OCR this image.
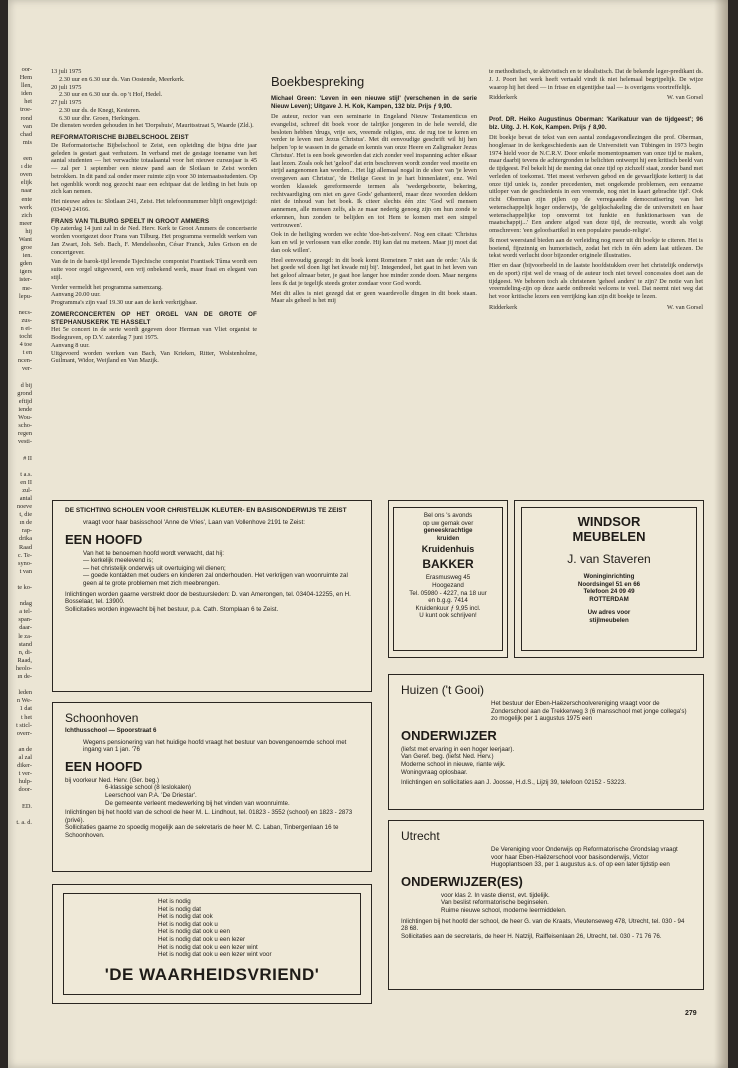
oor-
Hem
llen,
iden
het
troe-
rond
van
chad
mis

een
ı die
oven
elijk
naar
ente
werk
zich
meer
hij
Want
groe
ien.
gden
igers
ister-
me-
lepu-

necs-
zus-
n ei-
tocht
4 toe
t en
ncen-
ver-

d bij
grond
eftijd
iende
Wou-
scho-
regen
vesti-

# II

t a.s.
en II
zul-
antal
noeve
t, die
ın de
rap-
drika
Raad
c. Te-
syno-
t van

te ko-

ndag
a tel-
span-
daar-
le za-
stand
n, di-
Raad,
heolo-
ın de-

leden
n We-
1 dat
t het
t sticl-
overr-

an de
al zal
diker-
t ver-
hulp-
door-

ED.

t. a. d.
13 juli 1975
2.30 uur en 6.30 uur ds. Van Oostende, Meerkerk.
20 juli 1975
2.30 uur en 6.30 uur ds. op 't Hof, Hedel.
27 juli 1975
2.30 uur ds. de Knegt, Kesteren.
6.30 uur dhr. Groen, Herkingen.
De diensten worden gehouden in het 'Dorpshuis', Mauritsstraat 5, Waarde (Zld.).
REFORMATORISCHE BIJBELSCHOOL ZEIST

De Reformatorische Bijbelschool te Zeist, een opleiding die bijna drie jaar geleden is gestart gaat verhuizen. In verband met de gestage toename van het aantal studenten — het verwachte totaalaantal voor het nieuwe cursusjaar is 45 — zal per 1 september een nieuw pand aan de Slotlaan te Zeist worden betrokken. In dit pand zal onder meer ruimte zijn voor 30 internaatsstudenten. Op het ogenblik wordt nog gezocht naar een echtpaar dat de leiding in het huis op zich kan nemen.

Het nieuwe adres is: Slotlaan 241, Zeist. Het telefoonnummer blijft ongewijzigd: (03404) 24166.

FRANS VAN TILBURG SPEELT IN GROOT AMMERS

Op zaterdag 14 juni zal in de Ned. Herv. Kerk te Groot Ammers de concertserie worden voortgezet door Frans van Tilburg. Het programma vermeldt werken van Jan Zwart, Joh. Seb. Bach, F. Mendelssohn, César Franck, Jules Grison en de concertgever.

Van de in de barok-tijd levende Tsjechische componist Frantisek Tůma wordt een suite voor orgel uitgevoerd, een vrij onbekend werk, maar fraai en elegant van stijl.

Verder vermeldt het programma samenzang.
Aanvang 20.00 uur.

Programma's zijn vaaf 19.30 uur aan de kerk verkrijgbaar.

ZOMERCONCERTEN OP HET ORGEL VAN DE GROTE OF STEPHANUSKERK TE HASSELT
Het 5e concert in de serie wordt gegeven door Herman van Vliet organist te Bodegraven, op D.V. zaterdag 7 juni 1975.
Aanvang 8 uur.
Uitgevoerd worden werken van Bach, Van Krieken, Ritter, Wolstenholme, Guilmant, Widor, Weijland en Van Mazijk.
Boekbespreking
Michael Green: 'Leven in een nieuwe stijl' (verschenen in de serie Nieuw Leven); Uitgave J. H. Kok, Kampen, 132 blz. Prijs ƒ 9,90.

De auteur, rector van een seminarie in Engeland Nieuw Testamenticus en evangelist, schreef dit boek voor de talrijke jongeren in de hele wereld, die besloten hebben 'drugs, vrije sex, vreemde religies, enz. de rug toe te keren en verder te leven met Jezus Christus'. Met dit eenvoudige geschrift wil hij hen helpen 'op te wassen in de genade en kennis van onze Heere en Zaligmaker Jezus Christus'. Het is een boek geworden dat zich zonder veel inspanning achter elkaar laat lezen. Zoals ook het 'geloof' dat erin beschreven wordt zonder veel moeite en strijd aangenomen kan worden... Het ligt allemaal nogal in de sfeer van 'je leven overgeven aan Christus', 'de Heilige Geest in je hart binnenlaten', enz. Wel worden klassiek gereformeerde termen als 'wedergeboorte, bekering, rechtvaardiging om niet en gave Gods' gehanteerd, maar deze woorden dekken niet de inhoud van het boek. Ik citeer slechts één zin: 'God wil mensen aannemen, alle mensen zelfs, als ze maar nederig genoeg zijn om hun zonde te erkennen, hun zonden te belijden en tot Hem te komen met een simpel vertrouwen'.

Ook in de heiliging worden we echte 'doe-het-zelvers'. Nog een citaat: 'Christus kan en wil je verlossen van elke zonde. Hij kan dat nu meteen. Maar jij moet dat dan ook willen'.

Heel eenvoudig gezegd: in dit boek komt Romeinen 7 niet aan de orde: 'Als ik het goede wil doen ligt het kwade mij bij'. Integendeel, het gaat in het leven van het geloof almaar beter, je gaat hoe langer hoe minder zonde doen. Maar nergens lees ik dat je tegelijk steeds groter zondaar voor God wordt.

Met dit alles is niet gezegd dat er geen waardevolle dingen in dit boek staan. Maar als geheel is het mij

te methodistisch, te aktivistisch en te idealistisch. Dat de bekende leger-predikant ds. J. J. Poort het werk heeft vertaald vindt ik niet helemaal begrijpelijk. De wijze waarop hij het deed — in frisse en eigentijdse taal — is overigens voortreffelijk.

Ridderkerk	W. van Gorsel
Prof. DR. Heiko Augustinus Oberman: 'Karikatuur van de tijdgeest'; 96 blz. Uitg. J. H. Kok, Kampen. Prijs ƒ 8,90.

Dit boekje bevat de tekst van een aantal zondagavondlezingen die prof. Oberman, hoogleraar in de kerkgeschiedenis aan de Universiteit van Tübingen in 1973 begin 1974 hield voor de N.C.R.V. Door enkele momentopnamen van onze tijd te maken, maar daarbij tevens de achtergronden te belichten ontwerpt hij een kritisch beeld van de tijdgeest. Fel bekelt hij de mening dat onze tijd op zichzelf staat, zonder band met verleden of toekomst. 'Het meest verheven gebod en de gevaarlijkste ketterij is dat onze tijd uniek is, zonder precedenten, met ongekende problemen, een eenzame uitloper van de geschiedenis in een vreemde, nog niet in kaart gebrachte tijd'. Ook richt Oberman zijn pijlen op de verregaande democratisering van het wetenschappelijk hoger onderwijs, 'de gelijkschakeling die de universiteit en haar wetenschappelijke top omvormt tot funktie en funktionarissen van de maatschappij...' Een andere afgod van deze tijd, de recreatie, wordt als volgt omschreven: 'een geloofsartikel in een populaire pseudo-religie'.

Ik moet weerstand bieden aan de verleiding nog meer uit dit boekje te citeren. Het is boeiend, fijnzinnig en humoristisch, zodat het rich in één adem laat uitlezen. De tekst wordt verlucht door bijzonder originele illustraties.

Hier en daar (bijvoorbeeld in de laatste hoofdstukken over het christelijk onderwijs en de sport) rijst wel de vraag of de auteur toch niet teveel concessies doet aan de tijdgeest. We behoren toch als christenen 'geheel anders' te zijn? De notie van het vreemdeling-zijn op deze aarde ontbreekt welcens te veel. Dat neemt niet weg dat het voor kritische lezers een verrijking kan zijn dit boekje te lezen.

Ridderkerk	W. van Gorsel
DE STICHTING SCHOLEN VOOR CHRISTELIJK KLEUTER- EN BASISONDERWIJS TE ZEIST
vraagt voor haar basisschool 'Anne de Vries', Laan van Vollenhove 2191 te Zeist:
EEN HOOFD
Van het te benoemen hoofd wordt verwacht, dat hij:
— kerkelijk meelevend is;
— het christelijk onderwijs uit overtuiging wil dienen;
— goede kontakten met ouders en kinderen zal onderhouden. Het verkrijgen van woonruimte zal geen al te grote problemen met zich meebrengen.
Inlichtingen worden gaarne verstrekt door de bestuursleden: D. van Amerongen, tel. 03404-12255, en H. Bosselaar, tel. 13900.
Sollicitaties worden ingewacht bij het bestuur, p.a. Cath. Stomplaan 6 te Zeist.
Bel ons 's avonds
op uw gemak over
geneeskrachtige
kruiden
Kruidenhuis
BAKKER
Erasmusweg 45
Hoogezand
Tel. 05980 - 4227, na 18 uur
en b.g.g. 7414
Kruidenkuur ƒ 9,95 incl.
U kunt ook schrijven!
WINDSOR
MEUBELEN
J. van Staveren
Woninginrichting
Noordsingel 51 en 66
Telefoon 24 09 49
ROTTERDAM
Uw adres voor
stijlmeubelen
Schoonhoven
Ichthusschool — Spoorstraat 6
Wegens pensionering van het huidige hoofd vraagt het bestuur van bovengenoemde school met ingang van 1 jan. '76
EEN HOOFD
bij voorkeur Ned. Herv. (Ger. beg.)
6-klassige school (8 leslokalen)
Leerschool van P.A. 'De Driestar'.
De gemeente verleent medewerking bij het vinden van woonruimte.
Inlichtingen bij het hoofd van de school de heer M. L. Lindhout, tel. 01823 - 3552 (school) en 1823 - 2873 (privé).
Sollicitaties gaarne zo spoedig mogelijk aan de sekretaris de heer M. C. Laban, Tinbergenlaan 16 te Schoonhoven.
Huizen ('t Gooi)
Het bestuur der Eben-Haëzerschoolvereniging vraagt voor de Zonderschool aan de Trekkerweg 3 (6 mansschool met jonge collega's) zo mogelijk per 1 augustus 1975 een
ONDERWIJZER
(liefst met ervaring in een hoger leerjaar).
Van Geref. beg. (liefst Ned. Herv.)
Moderne school in nieuwe, riante wijk.
Woningvraag oplosbaar.
Inlichtingen en sollicitaties aan J. Joosse, H.d.S., Lijzij 39, telefoon 02152 - 53223.
Utrecht
De Vereniging voor Onderwijs op Reformatorische Grondslag vraagt voor haar Eben-Haëzerschool voor basisonderwijs, Victor Hugoplantsoen 33, per 1 augustus a.s. of op een later tijdstip een
ONDERWIJZER(ES)
voor klas 2. In vaste dienst, evt. tijdelijk.
Van beslist reformatorische beginselen.
Ruime nieuwe school, moderne leermiddelen.
Inlichtingen bij het hoofd der school, de heer G. van de Kraats, Vleutenseweg 478, Utrecht, tel. 030 - 94 28 68.
Sollicitaties aan de secretaris, de heer H. Natzijl, Raiffeisenlaan 26, Utrecht, tel. 030 - 71 76 76.
Het is nodig
Het is nodig dat
Het is nodig dat ook
Het is nodig dat ook u
Het is nodig dat ook u een
Het is nodig dat ook u een lezer
Het is nodig dat ook u een lezer wint
Het is nodig dat ook u een lezer wint voor
'DE WAARHEIDSVRIEND'
279
